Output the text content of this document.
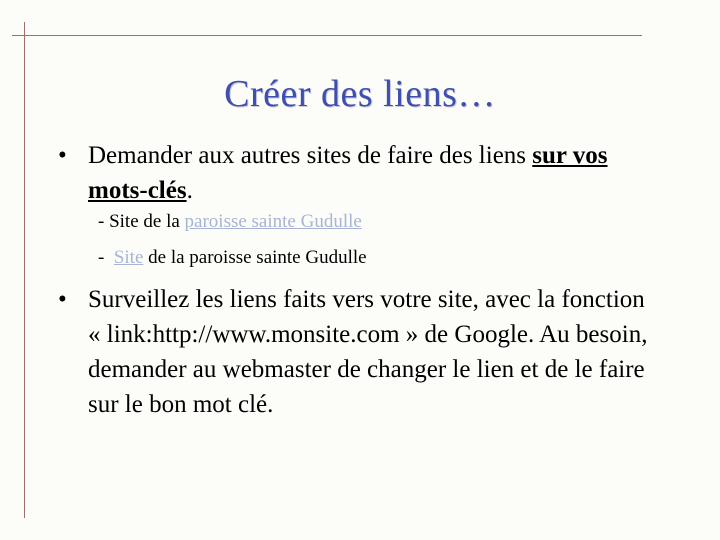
Créer des liens…
• Demander aux autres sites de faire des liens sur vos mots-clés.
- Site de la paroisse sainte Gudulle
-  Site de la paroisse sainte Gudulle
• Surveillez les liens faits vers votre site, avec la fonction « link:http://www.monsite.com » de Google. Au besoin, demander au webmaster de changer le lien et de le faire sur le bon mot clé.
